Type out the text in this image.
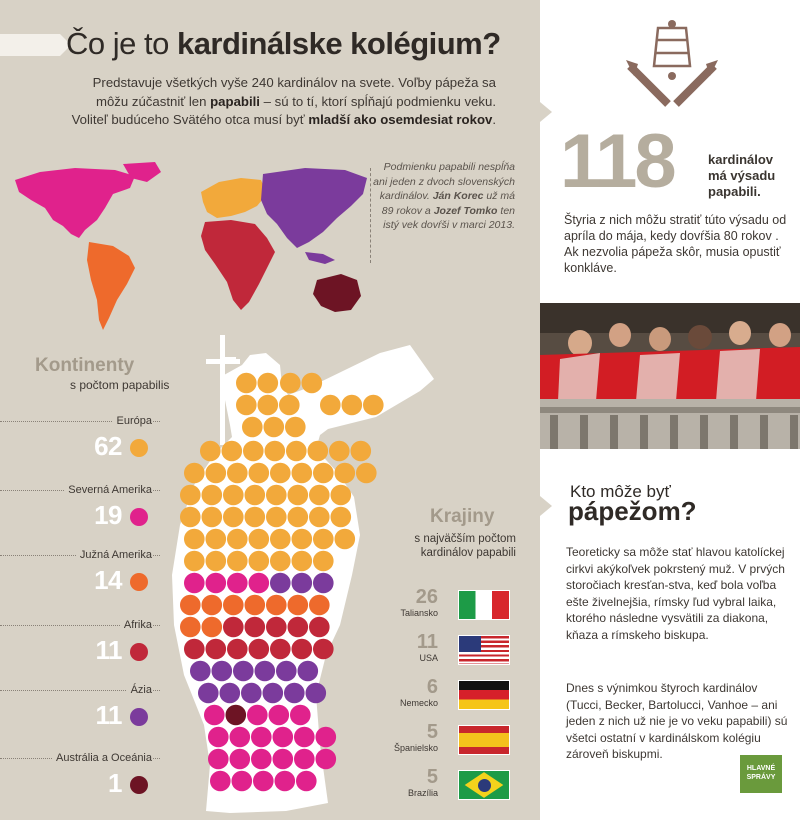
Čo je to kardinálske kolégium?
Predstavuje všetkých vyše 240 kardinálov na svete. Voľby pápeža sa môžu zúčastniť len papabili – sú to tí, ktorí spĺňajú podmienku veku. Voliteľ budúceho Svätého otca musí byť mladší ako osemdesiat rokov.
Podmienku papabili nespĺňa ani jeden z dvoch slovenských kardinálov. Ján Korec už má 89 rokov a Jozef Tomko ten istý vek dovŕši v marci 2013.
Kontinenty
s počtom papabilis
Európa
62
Severná Amerika
19
Južná Amerika
14
Afrika
11
Ázia
11
Austrália a Oceánia
1
Krajiny
s najväčším počtom kardinálov papabili
26
Taliansko
11
USA
6
Nemecko
5
Španielsko
5
Brazília
118	kardinálov má výsadu papabili.
Štyria z nich môžu stratiť túto výsadu od apríla do mája, kedy dovŕšia 80 rokov . Ak nezvolia pápeža skôr, musia opustiť konklávе.
Kto môže byť
pápežom?
Teoreticky sa môže stať hlavou katolíckej cirkvi akýkoľvek pokrstený muž. V prvých storočiach kresťan-stva, keď bola voľba ešte živelnejšia, rímsky ľud vybral laika, ktorého následne vysvätili za diakona, kňaza a rímskeho biskupa.
Dnes s výnimkou štyroch kardinálov (Tucci, Becker, Bartolucci, Vanhoe – ani jeden z nich už nie je vo veku papabili) sú všetci ostatní v kardinálskom kolégiu zároveň biskupmi.
HLAVNÉ
SPRÁVY
